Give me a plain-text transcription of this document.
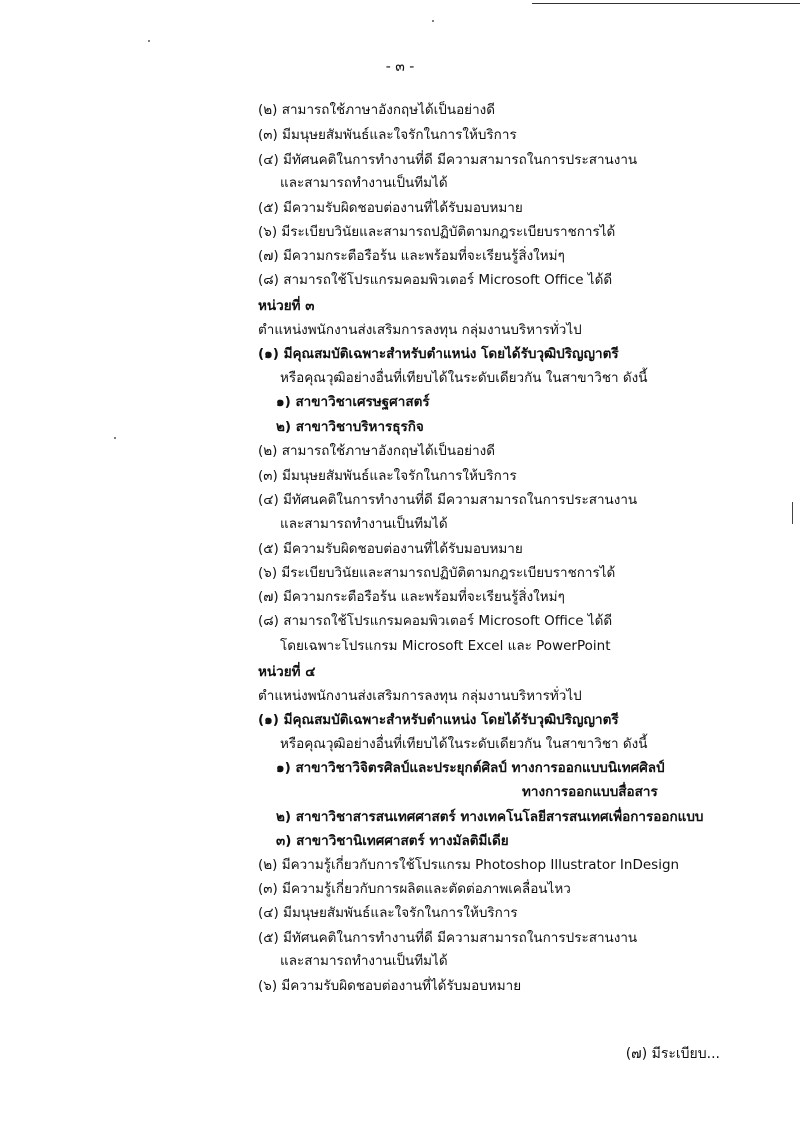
- ๓ -
(๒) สามารถใช้ภาษาอังกฤษได้เป็นอย่างดี
(๓) มีมนุษยสัมพันธ์และใจรักในการให้บริการ
(๔) มีทัศนคติในการทำงานที่ดี มีความสามารถในการประสานงาน
และสามารถทำงานเป็นทีมได้
(๕) มีความรับผิดชอบต่องานที่ได้รับมอบหมาย
(๖) มีระเบียบวินัยและสามารถปฏิบัติตามกฎระเบียบราชการได้
(๗) มีความกระตือรือร้น และพร้อมที่จะเรียนรู้สิ่งใหม่ๆ
(๘) สามารถใช้โปรแกรมคอมพิวเตอร์ Microsoft Office ได้ดี
หน่วยที่ ๓
ตำแหน่งพนักงานส่งเสริมการลงทุน กลุ่มงานบริหารทั่วไป
(๑) มีคุณสมบัติเฉพาะสำหรับตำแหน่ง โดยได้รับวุฒิปริญญาตรี
หรือคุณวุฒิอย่างอื่นที่เทียบได้ในระดับเดียวกัน ในสาขาวิชา ดังนี้
๑) สาขาวิชาเศรษฐศาสตร์
๒) สาขาวิชาบริหารธุรกิจ
(๒) สามารถใช้ภาษาอังกฤษได้เป็นอย่างดี
(๓) มีมนุษยสัมพันธ์และใจรักในการให้บริการ
(๔) มีทัศนคติในการทำงานที่ดี มีความสามารถในการประสานงาน
และสามารถทำงานเป็นทีมได้
(๕) มีความรับผิดชอบต่องานที่ได้รับมอบหมาย
(๖) มีระเบียบวินัยและสามารถปฏิบัติตามกฎระเบียบราชการได้
(๗) มีความกระตือรือร้น และพร้อมที่จะเรียนรู้สิ่งใหม่ๆ
(๘) สามารถใช้โปรแกรมคอมพิวเตอร์ Microsoft Office ได้ดี
โดยเฉพาะโปรแกรม Microsoft Excel และ PowerPoint
หน่วยที่ ๔
ตำแหน่งพนักงานส่งเสริมการลงทุน กลุ่มงานบริหารทั่วไป
(๑) มีคุณสมบัติเฉพาะสำหรับตำแหน่ง โดยได้รับวุฒิปริญญาตรี
หรือคุณวุฒิอย่างอื่นที่เทียบได้ในระดับเดียวกัน ในสาขาวิชา ดังนี้
๑) สาขาวิชาวิจิตรศิลป์และประยุกต์ศิลป์ ทางการออกแบบนิเทศศิลป์
ทางการออกแบบสื่อสาร
๒) สาขาวิชาสารสนเทศศาสตร์ ทางเทคโนโลยีสารสนเทศเพื่อการออกแบบ
๓) สาขาวิชานิเทศศาสตร์ ทางมัลติมีเดีย
(๒) มีความรู้เกี่ยวกับการใช้โปรแกรม Photoshop Illustrator InDesign
(๓) มีความรู้เกี่ยวกับการผลิตและตัดต่อภาพเคลื่อนไหว
(๔) มีมนุษยสัมพันธ์และใจรักในการให้บริการ
(๕) มีทัศนคติในการทำงานที่ดี มีความสามารถในการประสานงาน
และสามารถทำงานเป็นทีมได้
(๖) มีความรับผิดชอบต่องานที่ได้รับมอบหมาย
(๗) มีระเบียบ...
